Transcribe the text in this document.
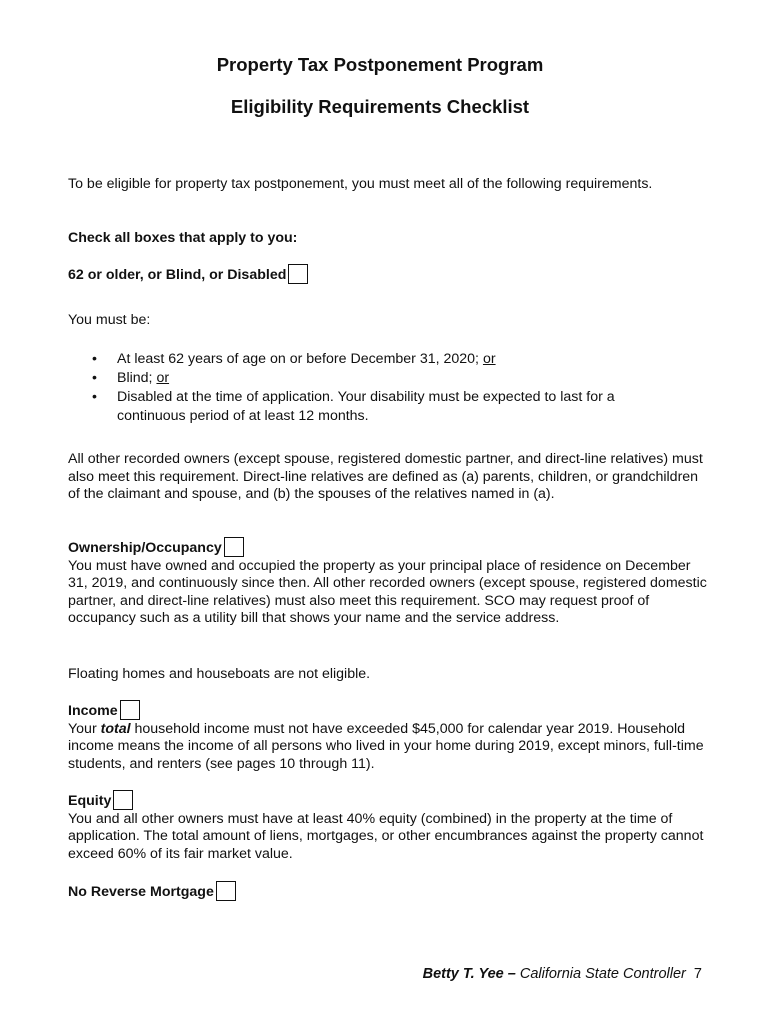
Property Tax Postponement Program
Eligibility Requirements Checklist

To be eligible for property tax postponement, you must meet all of the following requirements.

Check all boxes that apply to you:

62 or older, or Blind, or Disabled

You must be:

• At least 62 years of age on or before December 31, 2020; or
• Blind; or
• Disabled at the time of application. Your disability must be expected to last for a continuous period of at least 12 months.

All other recorded owners (except spouse, registered domestic partner, and direct-line relatives) must also meet this requirement. Direct-line relatives are defined as (a) parents, children, or grandchildren of the claimant and spouse, and (b) the spouses of the relatives named in (a).

Ownership/Occupancy
You must have owned and occupied the property as your principal place of residence on December 31, 2019, and continuously since then. All other recorded owners (except spouse, registered domestic partner, and direct-line relatives) must also meet this requirement. SCO may request proof of occupancy such as a utility bill that shows your name and the service address.

Floating homes and houseboats are not eligible.

Income
Your total household income must not have exceeded $45,000 for calendar year 2019. Household income means the income of all persons who lived in your home during 2019, except minors, full-time students, and renters (see pages 10 through 11).

Equity
You and all other owners must have at least 40% equity (combined) in the property at the time of application. The total amount of liens, mortgages, or other encumbrances against the property cannot exceed 60% of its fair market value.

No Reverse Mortgage

Betty T. Yee – California State Controller  7
